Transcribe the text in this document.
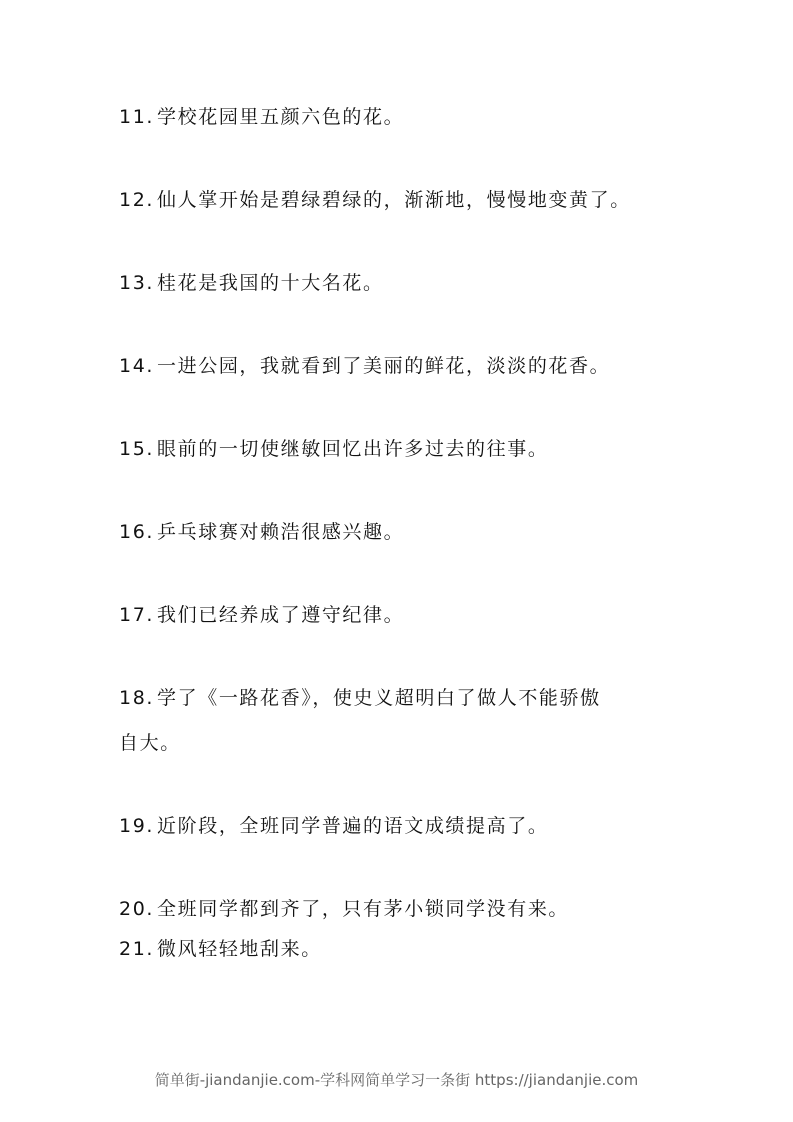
11. 学校花园里五颜六色的花。
12. 仙人掌开始是碧绿碧绿的，渐渐地，慢慢地变黄了。
13. 桂花是我国的十大名花。
14. 一进公园，我就看到了美丽的鲜花，淡淡的花香。
15. 眼前的一切使继敏回忆出许多过去的往事。
16. 乒乓球赛对赖浩很感兴趣。
17. 我们已经养成了遵守纪律。
18. 学了《一路花香》，使史义超明白了做人不能骄傲
自大。
19. 近阶段，全班同学普遍的语文成绩提高了。
20. 全班同学都到齐了，只有茅小锁同学没有来。
21. 微风轻轻地刮来。
简单街-jiandanjie.com-学科网简单学习一条街 https://jiandanjie.com
